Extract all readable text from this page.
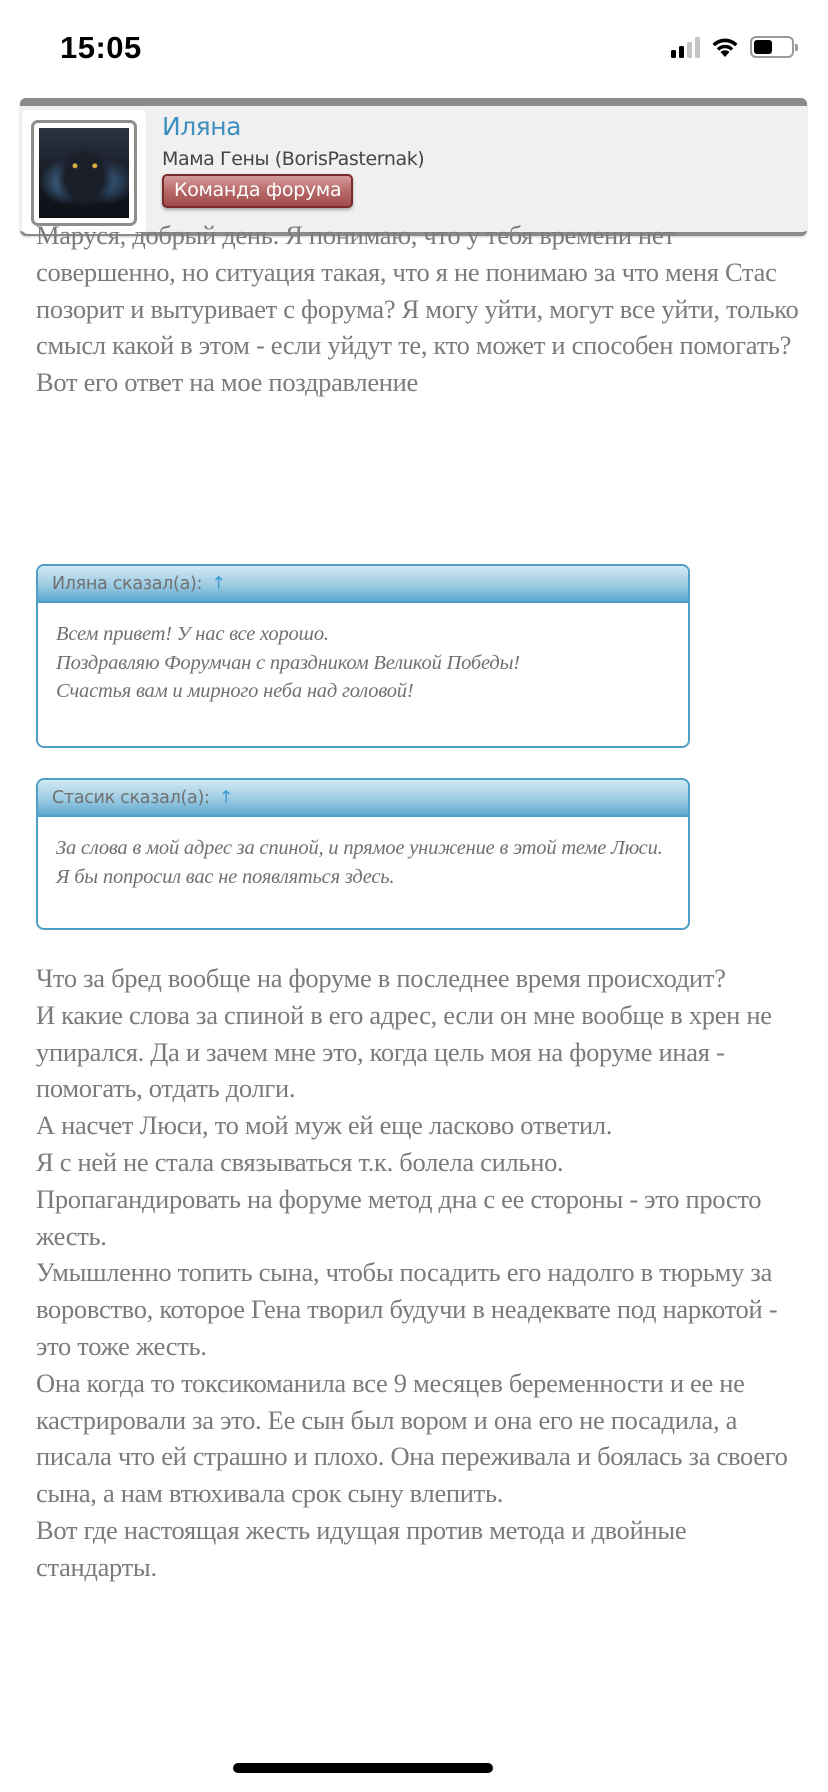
15:05
Иляна
Мама Гены (BorisPasternak)
Команда форума

Маруся, добрый день. Я понимаю, что у тебя времени нет совершенно, но ситуация такая, что я не понимаю за что меня Стас позорит и вытуривает с форума? Я могу уйти, могут все уйти, только смысл какой в этом - если уйдут те, кто может и способен помогать?

Вот его ответ на мое поздравление

Иляна сказал(а): ↑

Всем привет! У нас все хорошо.

Поздравляю Форумчан с праздником Великой Победы!

Счастья вам и мирного неба над головой!

Стасик сказал(а): ↑

За слова в мой адрес за спиной, и прямое унижение в этой теме Люси. Я бы попросил вас не появляться здесь.

Что за бред вообще на форуме в последнее время происходит?

И какие слова за спиной в его адрес, если он мне вообще в хрен не упирался. Да и зачем мне это, когда цель моя на форуме иная - помогать, отдать долги.

А насчет Люси, то мой муж ей еще ласково ответил.

Я с ней не стала связываться т.к. болела сильно.

Пропагандировать на форуме метод дна с ее стороны - это просто жесть.

Умышленно топить сына, чтобы посадить его надолго в тюрьму за воровство, которое Гена творил будучи в неадеквате под наркотой - это тоже жесть.

Она когда то токсикоманила все 9 месяцев беременности и ее не кастрировали за это. Ее сын был вором и она его не посадила, а писала что ей страшно и плохо. Она переживала и боялась за своего сына, а нам втюхивала срок сыну влепить.

Вот где настоящая жесть идущая против метода и двойные стандарты.
